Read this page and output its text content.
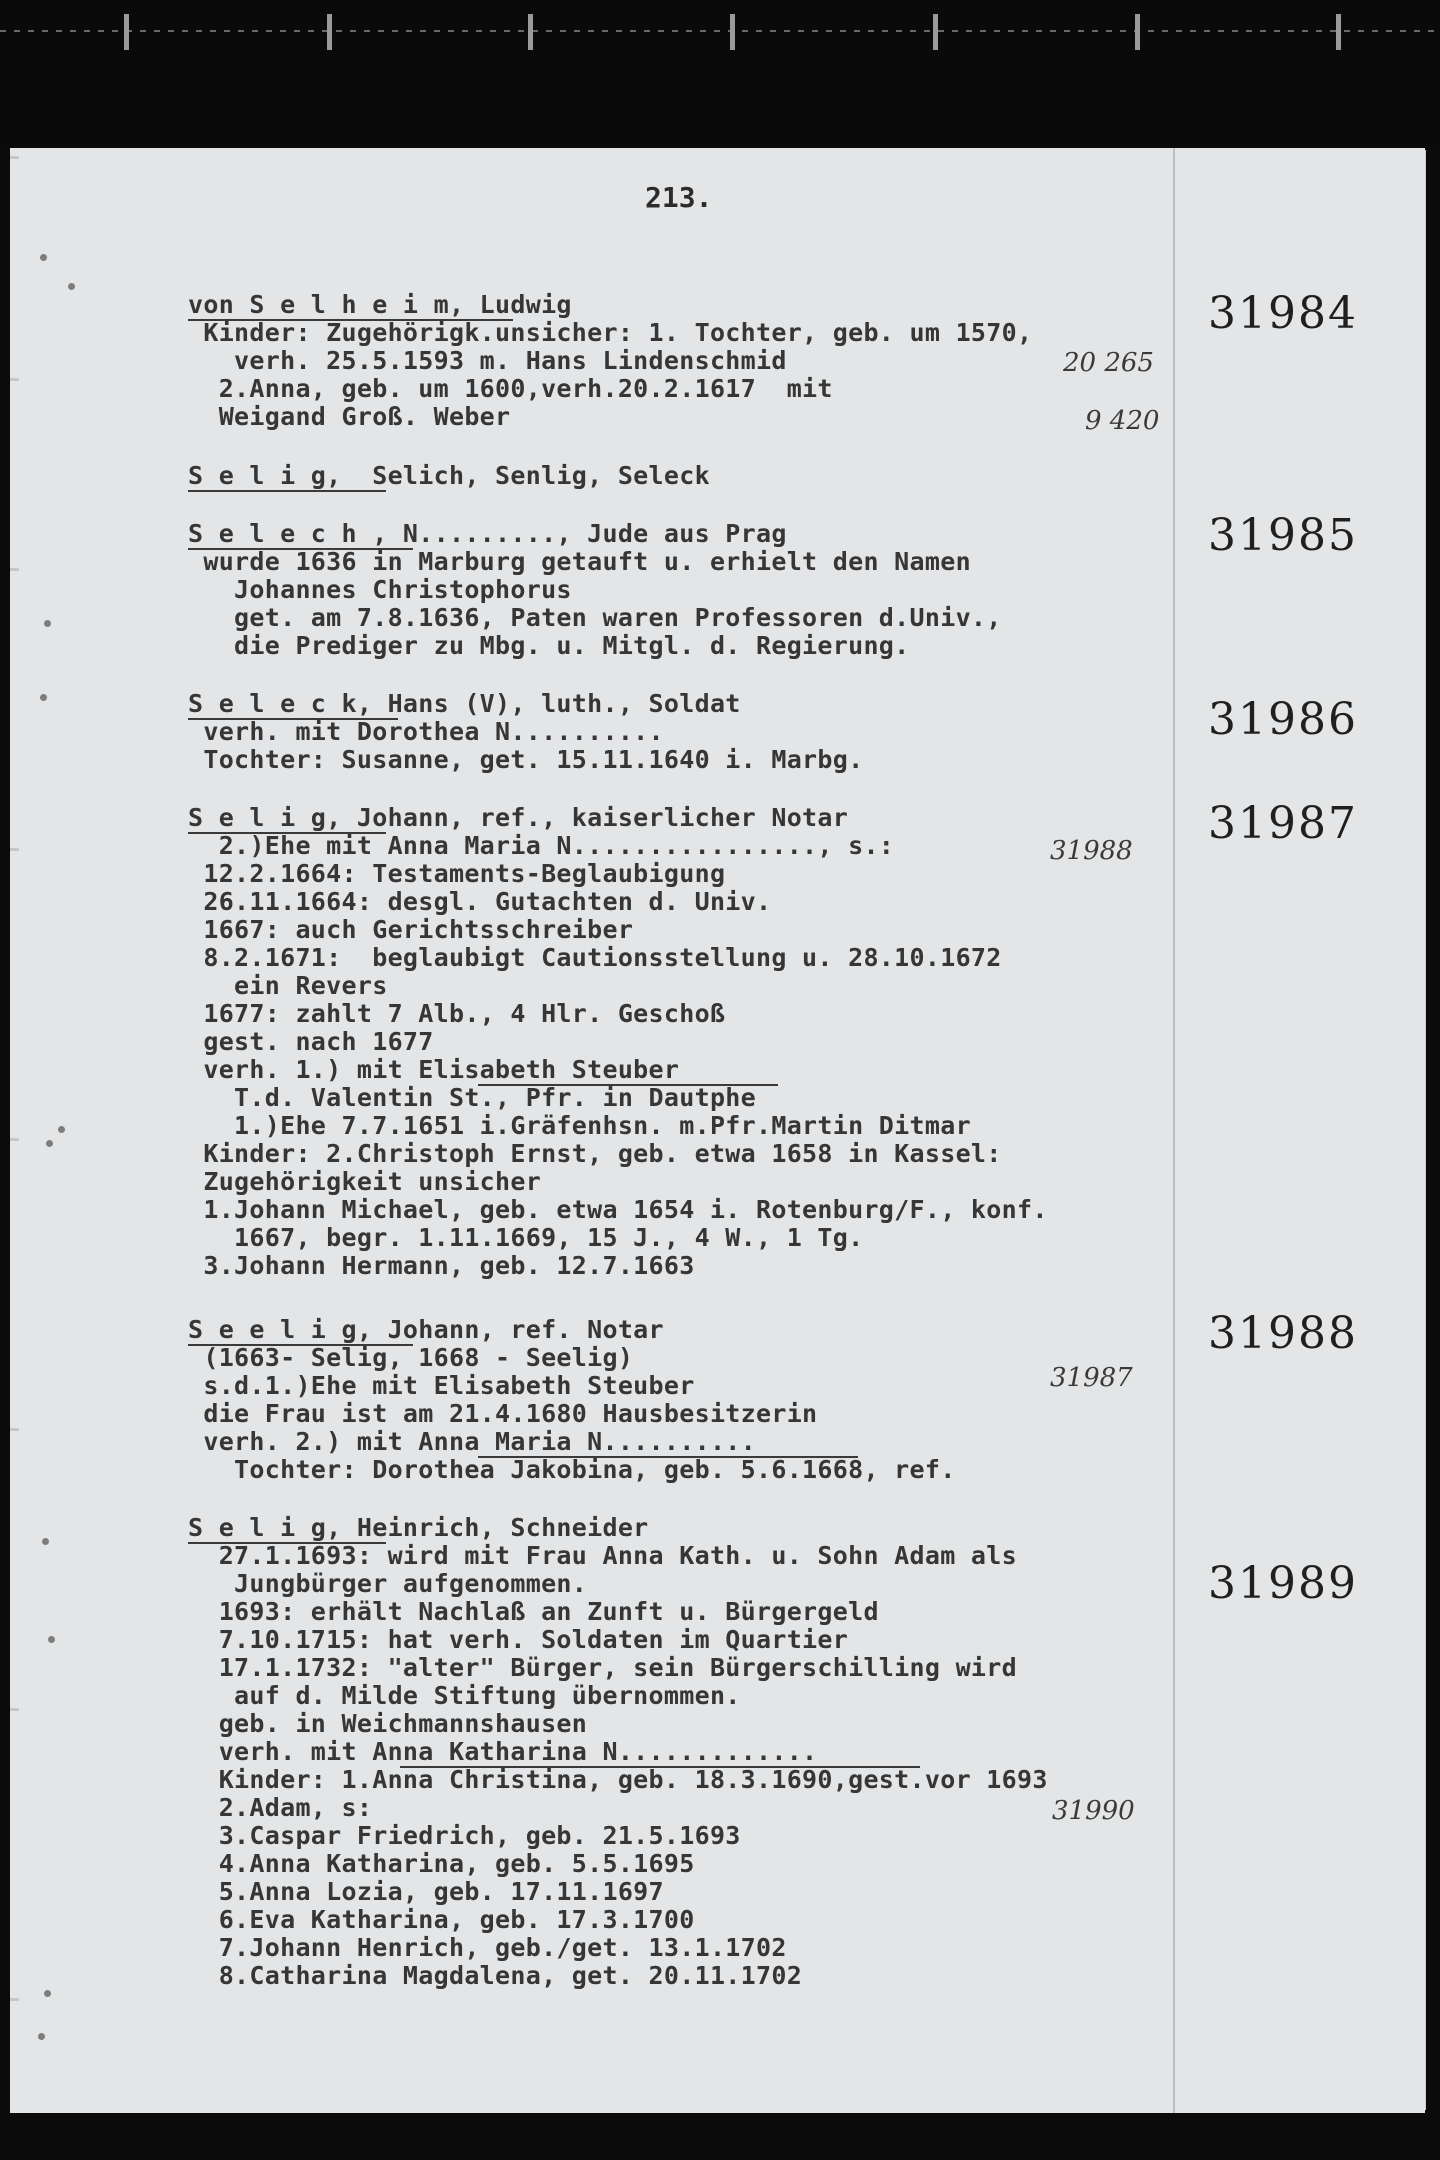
213.
von S e l h e i m, Ludwig
Kinder: Zugehörigk.unsicher: 1. Tochter, geb. um 1570,
verh. 25.5.1593 m. Hans Lindenschmid
2.Anna, geb. um 1600,verh.20.2.1617  mit
Weigand Groß. Weber
20 265
9 420
31984
S e l i g,  Selich, Senlig, Seleck
S e l e c h , N........., Jude aus Prag
wurde 1636 in Marburg getauft u. erhielt den Namen
Johannes Christophorus
get. am 7.8.1636, Paten waren Professoren d.Univ.,
die Prediger zu Mbg. u. Mitgl. d. Regierung.
31985
S e l e c k, Hans (V), luth., Soldat
verh. mit Dorothea N..........
Tochter: Susanne, get. 15.11.1640 i. Marbg.
31986
S e l i g, Johann, ref., kaiserlicher Notar
2.)Ehe mit Anna Maria N................, s.:
12.2.1664: Testaments-Beglaubigung
26.11.1664: desgl. Gutachten d. Univ.
1667: auch Gerichtsschreiber
8.2.1671:  beglaubigt Cautionsstellung u. 28.10.1672
ein Revers
1677: zahlt 7 Alb., 4 Hlr. Geschoß
gest. nach 1677
verh. 1.) mit Elisabeth Steuber
T.d. Valentin St., Pfr. in Dautphe
1.)Ehe 7.7.1651 i.Gräfenhsn. m.Pfr.Martin Ditmar
Kinder: 2.Christoph Ernst, geb. etwa 1658 in Kassel:
Zugehörigkeit unsicher
1.Johann Michael, geb. etwa 1654 i. Rotenburg/F., konf.
1667, begr. 1.11.1669, 15 J., 4 W., 1 Tg.
3.Johann Hermann, geb. 12.7.1663
31988
31987
S e e l i g, Johann, ref. Notar
(1663- Selig, 1668 - Seelig)
s.d.1.)Ehe mit Elisabeth Steuber
die Frau ist am 21.4.1680 Hausbesitzerin
verh. 2.) mit Anna Maria N..........
Tochter: Dorothea Jakobina, geb. 5.6.1668, ref.
31987
31988
S e l i g, Heinrich, Schneider
27.1.1693: wird mit Frau Anna Kath. u. Sohn Adam als
Jungbürger aufgenommen.
1693: erhält Nachlaß an Zunft u. Bürgergeld
7.10.1715: hat verh. Soldaten im Quartier
17.1.1732: "alter" Bürger, sein Bürgerschilling wird
auf d. Milde Stiftung übernommen.
geb. in Weichmannshausen
verh. mit Anna Katharina N.............
Kinder: 1.Anna Christina, geb. 18.3.1690,gest.vor 1693
2.Adam, s:
3.Caspar Friedrich, geb. 21.5.1693
4.Anna Katharina, geb. 5.5.1695
5.Anna Lozia, geb. 17.11.1697
6.Eva Katharina, geb. 17.3.1700
7.Johann Henrich, geb./get. 13.1.1702
8.Catharina Magdalena, get. 20.11.1702
31990
31989
